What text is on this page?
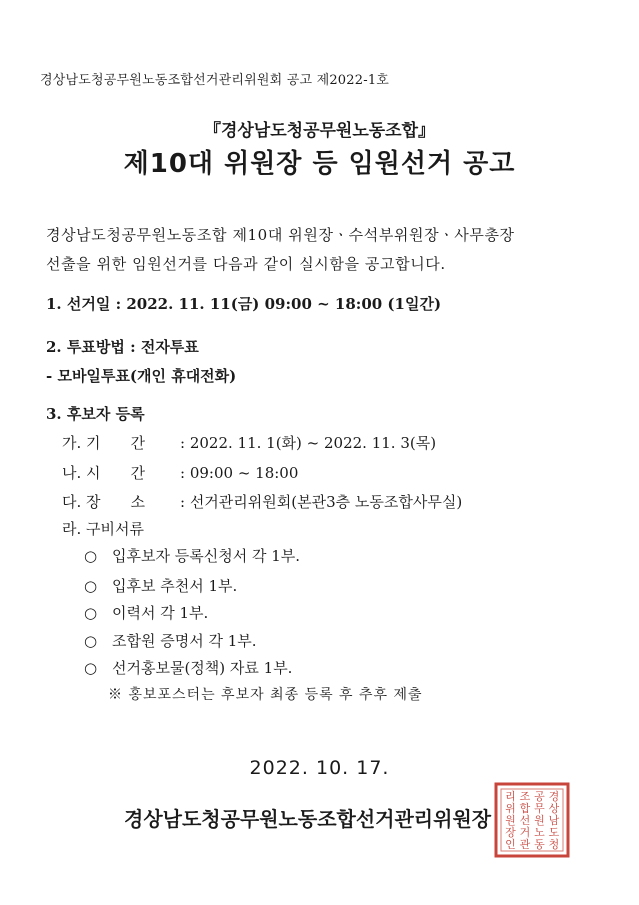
경상남도청공무원노동조합선거관리위원회 공고 제2022-1호
『경상남도청공무원노동조합』
제10대 위원장 등 임원선거 공고
경상남도청공무원노동조합 제10대 위원장ㆍ수석부위원장ㆍ사무총장
선출을 위한 임원선거를 다음과 같이 실시함을 공고합니다.
1. 선거일 : 2022. 11. 11(금) 09:00 ~ 18:00 (1일간)
2. 투표방법 : 전자투표
- 모바일투표(개인 휴대전화)
3. 후보자 등록
가. 기　　간 : 2022. 11. 1(화) ~ 2022. 11. 3(목)
나. 시　　간 : 09:00 ~ 18:00
다. 장　　소 : 선거관리위원회(본관3층 노동조합사무실)
라. 구비서류
○ 입후보자 등록신청서 각 1부.
○ 입후보 추천서 1부.
○ 이력서 각 1부.
○ 조합원 증명서 각 1부.
○ 선거홍보물(정책) 자료 1부.
※ 홍보포스터는 후보자 최종 등록 후 추후 제출
2022. 10. 17.
경상남도청공무원노동조합선거관리위원장
경
상
남
도
청
공
무
원
노
동
조
합
선
거
관
리
위
원
장
인
